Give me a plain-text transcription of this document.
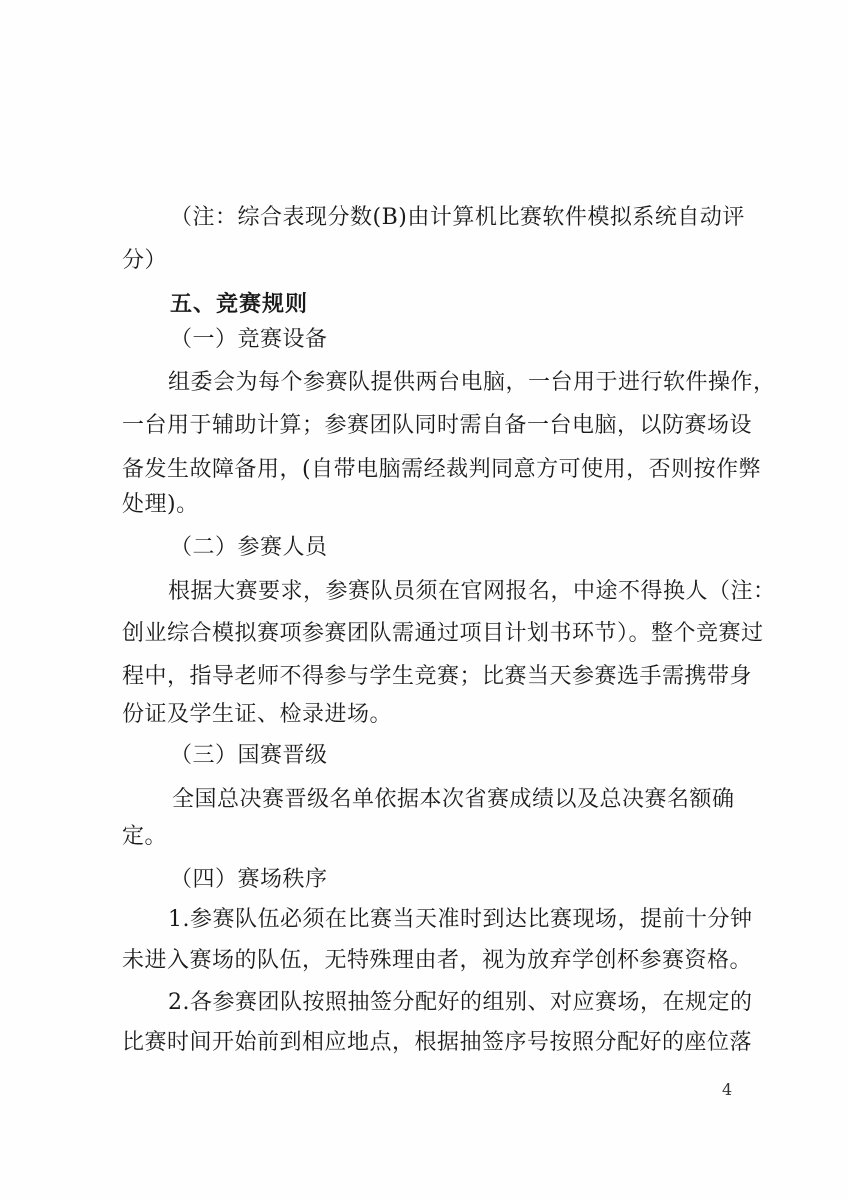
（注：综合表现分数(B)由计算机比赛软件模拟系统自动评
分）
五、竞赛规则
（一）竞赛设备
组委会为每个参赛队提供两台电脑，一台用于进行软件操作，
一台用于辅助计算；参赛团队同时需自备一台电脑，以防赛场设
备发生故障备用，(自带电脑需经裁判同意方可使用，否则按作弊
处理)。
（二）参赛人员
根据大赛要求，参赛队员须在官网报名，中途不得换人（注：
创业综合模拟赛项参赛团队需通过项目计划书环节）。整个竞赛过
程中，指导老师不得参与学生竞赛；比赛当天参赛选手需携带身
份证及学生证、检录进场。
（三）国赛晋级
全国总决赛晋级名单依据本次省赛成绩以及总决赛名额确
定。
（四）赛场秩序
1.参赛队伍必须在比赛当天准时到达比赛现场，提前十分钟
未进入赛场的队伍，无特殊理由者，视为放弃学创杯参赛资格。
2.各参赛团队按照抽签分配好的组别、对应赛场，在规定的
比赛时间开始前到相应地点，根据抽签序号按照分配好的座位落
4
